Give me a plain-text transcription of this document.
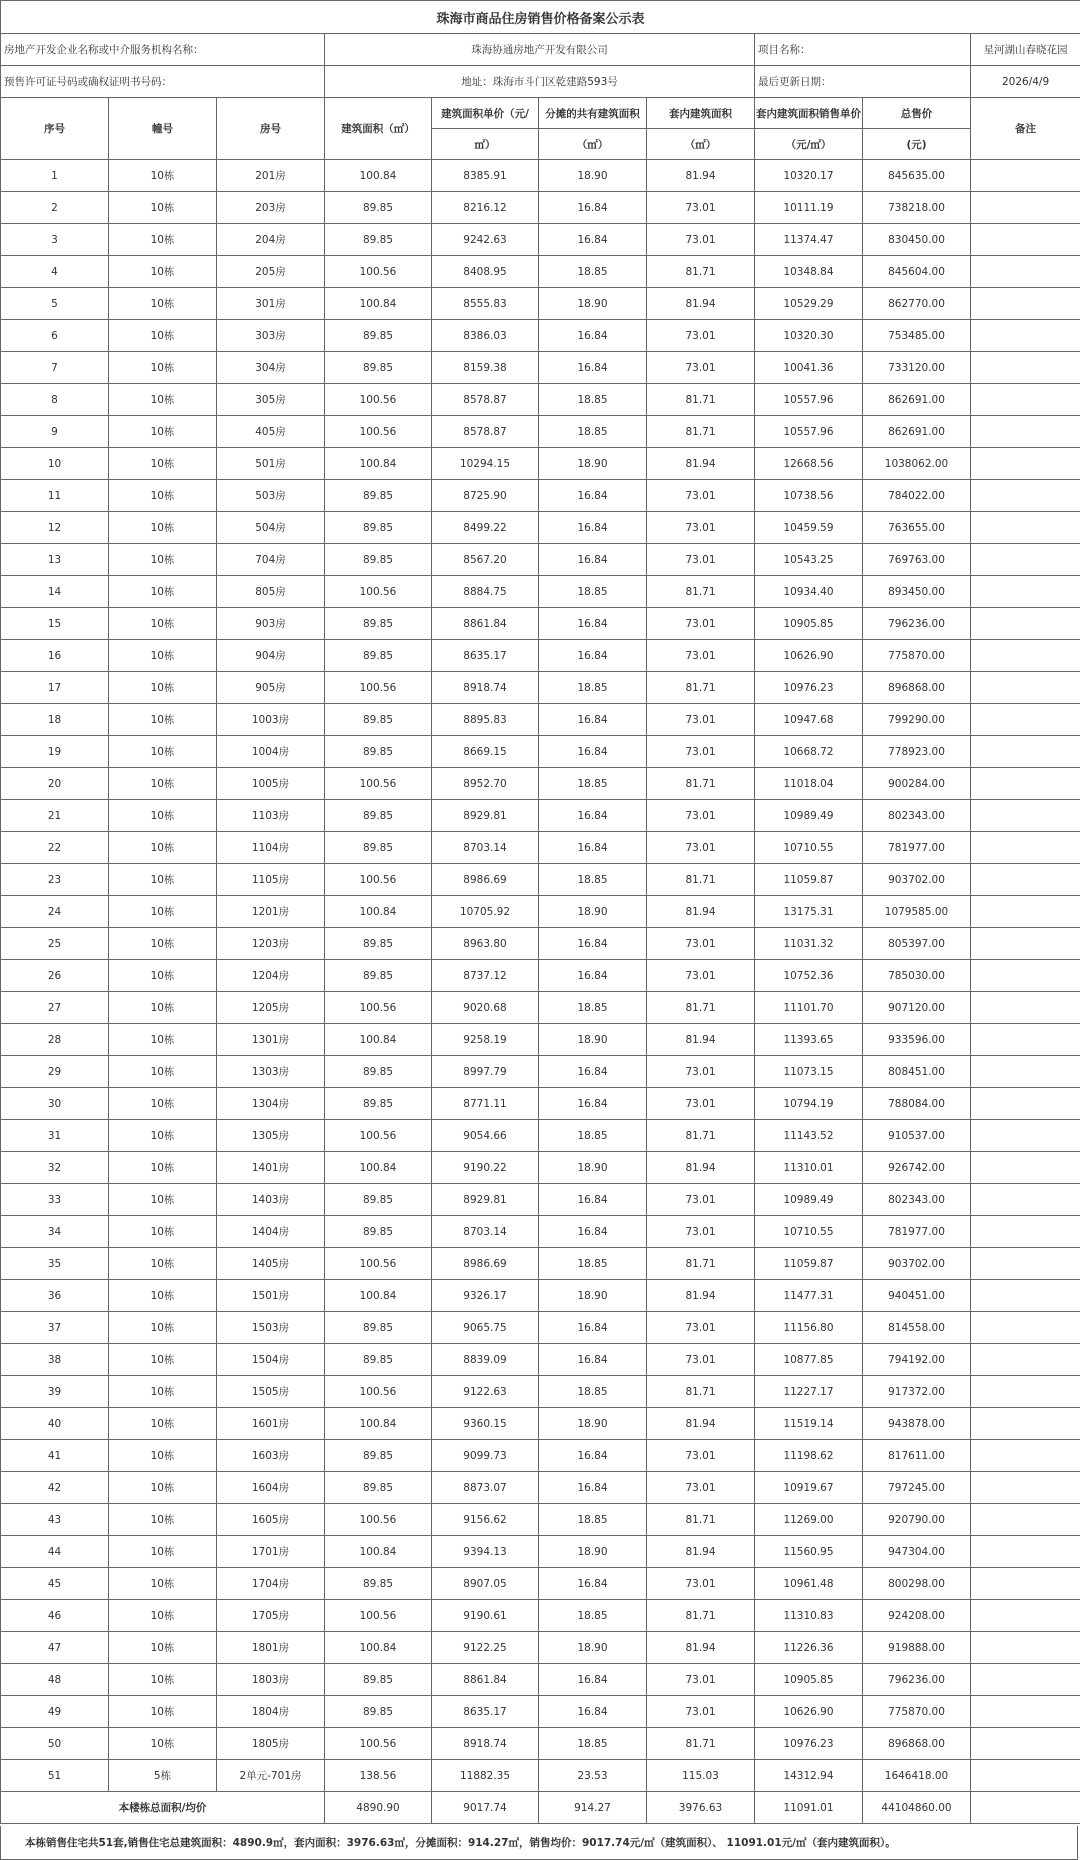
珠海市商品住房销售价格备案公示表									
房地产开发企业名称或中介服务机构名称：			珠海协通房地产开发有限公司				项目名称：		星河湖山春晓花园
预售许可证号码或确权证明书号码：			地址：珠海市斗门区乾建路593号				最后更新日期：		2026/4/9
序号	幢号	房号	建筑面积（㎡）	建筑面积单价（元/	分摊的共有建筑面积	套内建筑面积	套内建筑面积销售单价	总售价	备注
				㎡）	（㎡）	（㎡）	（元/㎡）	(元)	
1	10栋	201房	100.84	8385.91	18.90	81.94	10320.17	845635.00	
2	10栋	203房	89.85	8216.12	16.84	73.01	10111.19	738218.00	
3	10栋	204房	89.85	9242.63	16.84	73.01	11374.47	830450.00	
4	10栋	205房	100.56	8408.95	18.85	81.71	10348.84	845604.00	
5	10栋	301房	100.84	8555.83	18.90	81.94	10529.29	862770.00	
6	10栋	303房	89.85	8386.03	16.84	73.01	10320.30	753485.00	
7	10栋	304房	89.85	8159.38	16.84	73.01	10041.36	733120.00	
8	10栋	305房	100.56	8578.87	18.85	81.71	10557.96	862691.00	
9	10栋	405房	100.56	8578.87	18.85	81.71	10557.96	862691.00	
10	10栋	501房	100.84	10294.15	18.90	81.94	12668.56	1038062.00	
11	10栋	503房	89.85	8725.90	16.84	73.01	10738.56	784022.00	
12	10栋	504房	89.85	8499.22	16.84	73.01	10459.59	763655.00	
13	10栋	704房	89.85	8567.20	16.84	73.01	10543.25	769763.00	
14	10栋	805房	100.56	8884.75	18.85	81.71	10934.40	893450.00	
15	10栋	903房	89.85	8861.84	16.84	73.01	10905.85	796236.00	
16	10栋	904房	89.85	8635.17	16.84	73.01	10626.90	775870.00	
17	10栋	905房	100.56	8918.74	18.85	81.71	10976.23	896868.00	
18	10栋	1003房	89.85	8895.83	16.84	73.01	10947.68	799290.00	
19	10栋	1004房	89.85	8669.15	16.84	73.01	10668.72	778923.00	
20	10栋	1005房	100.56	8952.70	18.85	81.71	11018.04	900284.00	
21	10栋	1103房	89.85	8929.81	16.84	73.01	10989.49	802343.00	
22	10栋	1104房	89.85	8703.14	16.84	73.01	10710.55	781977.00	
23	10栋	1105房	100.56	8986.69	18.85	81.71	11059.87	903702.00	
24	10栋	1201房	100.84	10705.92	18.90	81.94	13175.31	1079585.00	
25	10栋	1203房	89.85	8963.80	16.84	73.01	11031.32	805397.00	
26	10栋	1204房	89.85	8737.12	16.84	73.01	10752.36	785030.00	
27	10栋	1205房	100.56	9020.68	18.85	81.71	11101.70	907120.00	
28	10栋	1301房	100.84	9258.19	18.90	81.94	11393.65	933596.00	
29	10栋	1303房	89.85	8997.79	16.84	73.01	11073.15	808451.00	
30	10栋	1304房	89.85	8771.11	16.84	73.01	10794.19	788084.00	
31	10栋	1305房	100.56	9054.66	18.85	81.71	11143.52	910537.00	
32	10栋	1401房	100.84	9190.22	18.90	81.94	11310.01	926742.00	
33	10栋	1403房	89.85	8929.81	16.84	73.01	10989.49	802343.00	
34	10栋	1404房	89.85	8703.14	16.84	73.01	10710.55	781977.00	
35	10栋	1405房	100.56	8986.69	18.85	81.71	11059.87	903702.00	
36	10栋	1501房	100.84	9326.17	18.90	81.94	11477.31	940451.00	
37	10栋	1503房	89.85	9065.75	16.84	73.01	11156.80	814558.00	
38	10栋	1504房	89.85	8839.09	16.84	73.01	10877.85	794192.00	
39	10栋	1505房	100.56	9122.63	18.85	81.71	11227.17	917372.00	
40	10栋	1601房	100.84	9360.15	18.90	81.94	11519.14	943878.00	
41	10栋	1603房	89.85	9099.73	16.84	73.01	11198.62	817611.00	
42	10栋	1604房	89.85	8873.07	16.84	73.01	10919.67	797245.00	
43	10栋	1605房	100.56	9156.62	18.85	81.71	11269.00	920790.00	
44	10栋	1701房	100.84	9394.13	18.90	81.94	11560.95	947304.00	
45	10栋	1704房	89.85	8907.05	16.84	73.01	10961.48	800298.00	
46	10栋	1705房	100.56	9190.61	18.85	81.71	11310.83	924208.00	
47	10栋	1801房	100.84	9122.25	18.90	81.94	11226.36	919888.00	
48	10栋	1803房	89.85	8861.84	16.84	73.01	10905.85	796236.00	
49	10栋	1804房	89.85	8635.17	16.84	73.01	10626.90	775870.00	
50	10栋	1805房	100.56	8918.74	18.85	81.71	10976.23	896868.00	
51	5栋	2单元-701房	138.56	11882.35	23.53	115.03	14312.94	1646418.00	
本楼栋总面积/均价			4890.90	9017.74	914.27	3976.63	11091.01	44104860.00	
本栋销售住宅共51套,销售住宅总建筑面积：4890.9㎡，套内面积：3976.63㎡，分摊面积：914.27㎡，销售均价：9017.74元/㎡（建筑面积）、 11091.01元/㎡（套内建筑面积）。
